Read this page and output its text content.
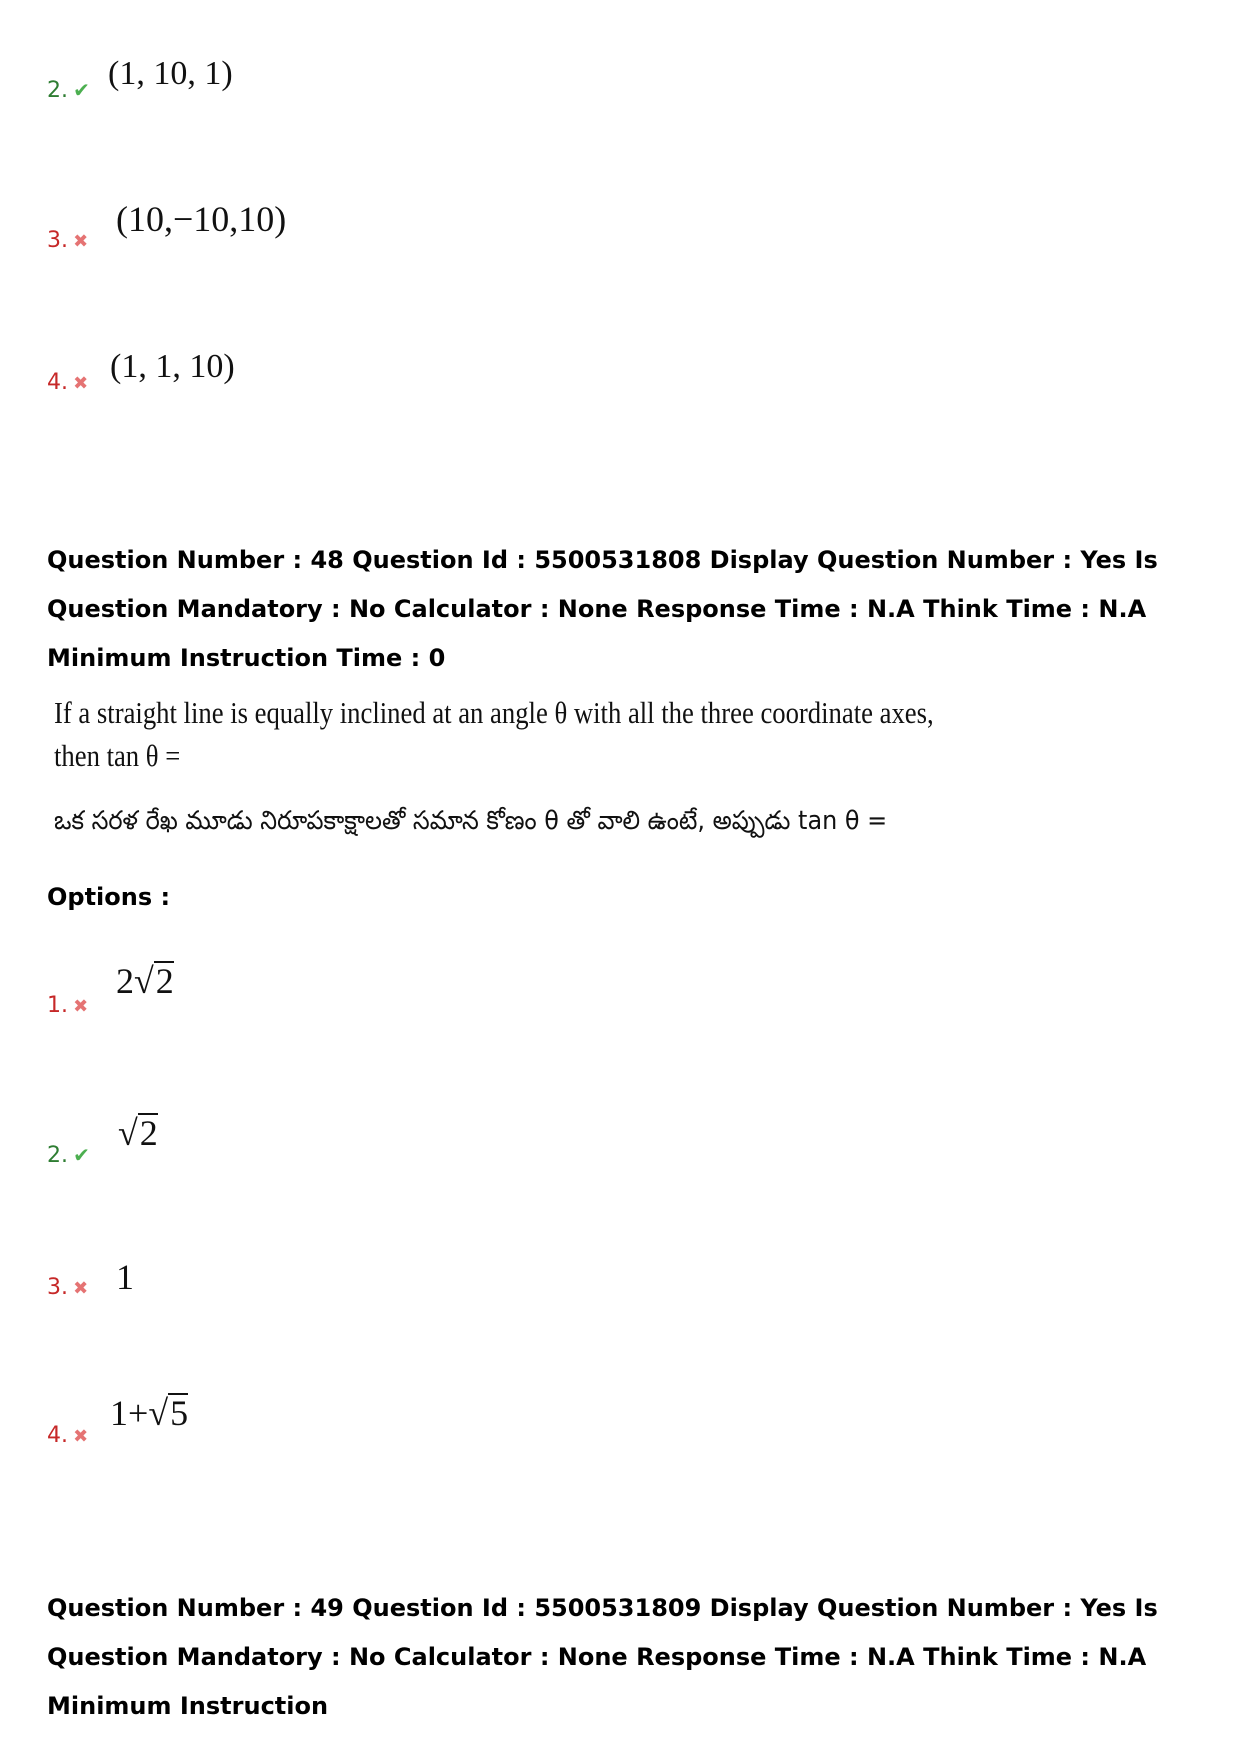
2. ✔ (1, 10, 1)
3. ✖
(10,−10,10)
4. ✖ (1, 1, 10)

Question Number : 48 Question Id : 5500531808 Display Question Number : Yes Is Question Mandatory : No Calculator : None Response Time : N.A Think Time : N.A Minimum Instruction Time : 0

If a straight line is equally inclined at an angle θ with all the three coordinate axes,
then tan θ =
ఒక సరళ రేఖ మూడు నిరూపకాక్షాలతో సమాన కోణం θ తో వాలి ఉంటే, అప్పుడు tan θ =
Options :
1. ✖
2√2
2. ✔
√2
3. ✖ 1
4. ✖
1+√5

Question Number : 49 Question Id : 5500531809 Display Question Number : Yes Is Question Mandatory : No Calculator : None Response Time : N.A Think Time : N.A Minimum Instruction
